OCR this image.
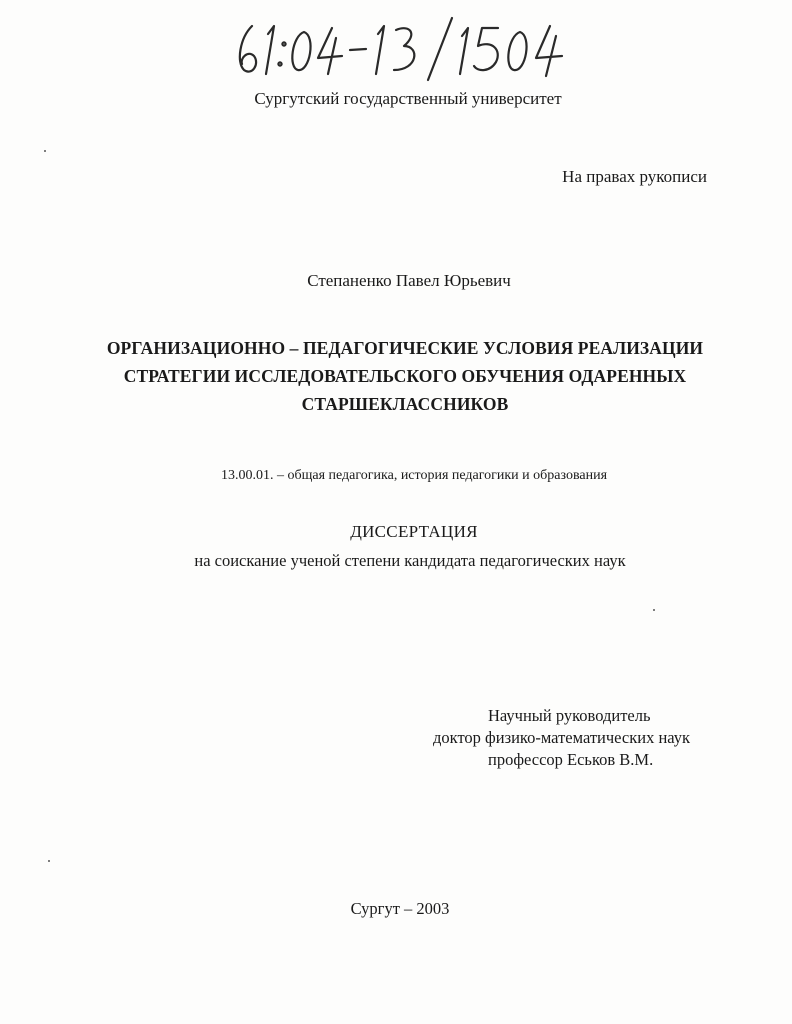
Сургутский государственный университет
На правах рукописи
Степаненко Павел Юрьевич
ОРГАНИЗАЦИОННО – ПЕДАГОГИЧЕСКИЕ УСЛОВИЯ РЕАЛИЗАЦИИ
СТРАТЕГИИ ИССЛЕДОВАТЕЛЬСКОГО ОБУЧЕНИЯ ОДАРЕННЫХ
СТАРШЕКЛАССНИКОВ
13.00.01. – общая педагогика, история педагогики и образования
ДИССЕРТАЦИЯ
на соискание ученой степени кандидата педагогических наук
Научный руководитель
доктор физико-математических наук
профессор Еськов В.М.
Сургут – 2003
